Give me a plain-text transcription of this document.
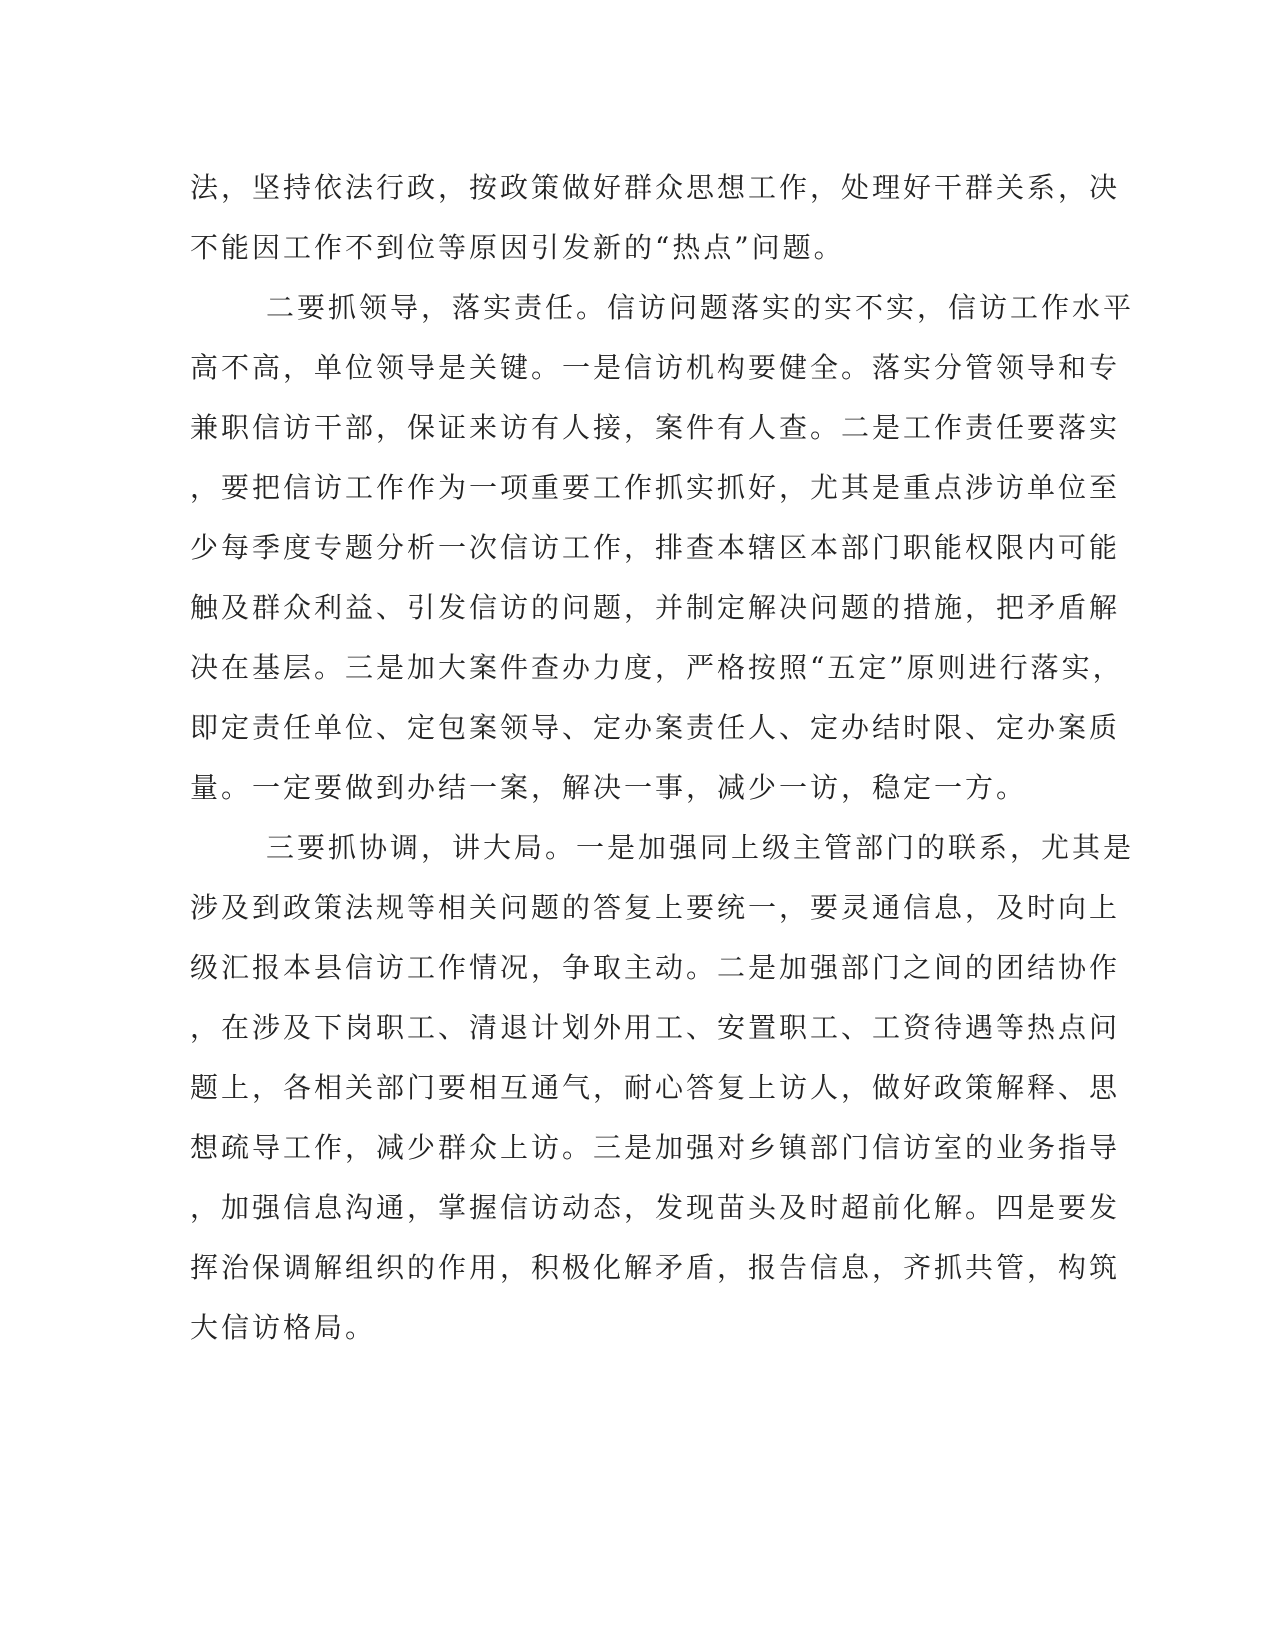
法，坚持依法行政，按政策做好群众思想工作，处理好干群关系，决
不能因工作不到位等原因引发新的“热点”问题。
二要抓领导，落实责任。信访问题落实的实不实，信访工作水平
高不高，单位领导是关键。一是信访机构要健全。落实分管领导和专
兼职信访干部，保证来访有人接，案件有人查。二是工作责任要落实
，要把信访工作作为一项重要工作抓实抓好，尤其是重点涉访单位至
少每季度专题分析一次信访工作，排查本辖区本部门职能权限内可能
触及群众利益、引发信访的问题，并制定解决问题的措施，把矛盾解
决在基层。三是加大案件查办力度，严格按照“五定”原则进行落实，
即定责任单位、定包案领导、定办案责任人、定办结时限、定办案质
量。一定要做到办结一案，解决一事，减少一访，稳定一方。
三要抓协调，讲大局。一是加强同上级主管部门的联系，尤其是
涉及到政策法规等相关问题的答复上要统一，要灵通信息，及时向上
级汇报本县信访工作情况，争取主动。二是加强部门之间的团结协作
，在涉及下岗职工、清退计划外用工、安置职工、工资待遇等热点问
题上，各相关部门要相互通气，耐心答复上访人，做好政策解释、思
想疏导工作，减少群众上访。三是加强对乡镇部门信访室的业务指导
，加强信息沟通，掌握信访动态，发现苗头及时超前化解。四是要发
挥治保调解组织的作用，积极化解矛盾，报告信息，齐抓共管，构筑
大信访格局。
